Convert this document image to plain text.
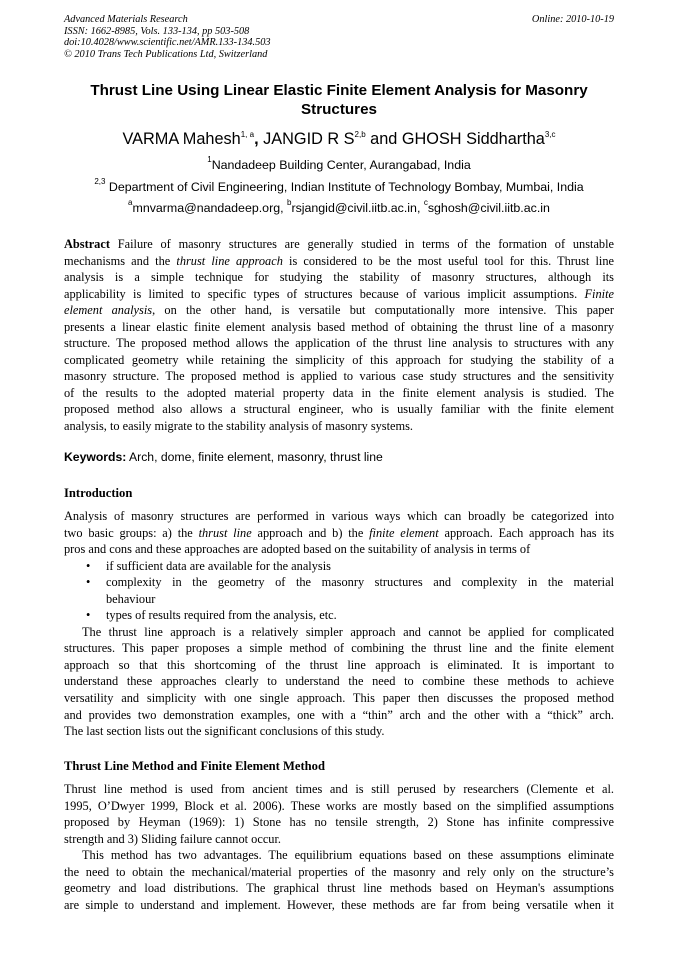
Advanced Materials Research
ISSN: 1662-8985, Vols. 133-134, pp 503-508
doi:10.4028/www.scientific.net/AMR.133-134.503
© 2010 Trans Tech Publications Ltd, Switzerland
Online: 2010-10-19
Thrust Line Using Linear Elastic Finite Element Analysis for Masonry Structures
VARMA Mahesh$^{1, a}$, JANGID R S$^{2,b}$ and GHOSH Siddhartha$^{3,c}$
$^1$Nandadeep Building Center, Aurangabad, India
$^{2,3}$ Department of Civil Engineering, Indian Institute of Technology Bombay, Mumbai, India
$^a$mnvarma@nandadeep.org, $^b$rsjangid@civil.iitb.ac.in, $^c$sghosh@civil.iitb.ac.in
Abstract Failure of masonry structures are generally studied in terms of the formation of unstable
mechanisms and the thrust line approach is considered to be the most useful tool for this. Thrust line
analysis is a simple technique for studying the stability of masonry structures, although its
applicability is limited to specific types of structures because of various implicit assumptions. Finite
element analysis, on the other hand, is versatile but computationally more intensive. This paper
presents a linear elastic finite element analysis based method of obtaining the thrust line of a masonry
structure. The proposed method allows the application of the thrust line analysis to structures with any
complicated geometry while retaining the simplicity of this approach for studying the stability of a
masonry structure. The proposed method is applied to various case study structures and the sensitivity
of the results to the adopted material property data in the finite element analysis is studied. The
proposed method also allows a structural engineer, who is usually familiar with the finite element
analysis, to easily migrate to the stability analysis of masonry systems.
Keywords: Arch, dome, finite element, masonry, thrust line
Introduction
Analysis of masonry structures are performed in various ways which can broadly be categorized into
two basic groups: a) the thrust line approach and b) the finite element approach. Each approach has its
pros and cons and these approaches are adopted based on the suitability of analysis in terms of
• if sufficient data are available for the analysis
• complexity in the geometry of the masonry structures and complexity in the material
behaviour
• types of results required from the analysis, etc.
The thrust line approach is a relatively simpler approach and cannot be applied for complicated
structures. This paper proposes a simple method of combining the thrust line and the finite element
approach so that this shortcoming of the thrust line approach is eliminated. It is important to
understand these approaches clearly to understand the need to combine these methods to achieve
versatility and simplicity with one single approach. This paper then discusses the proposed method
and provides two demonstration examples, one with a “thin” arch and the other with a “thick” arch.
The last section lists out the significant conclusions of this study.
Thrust Line Method and Finite Element Method
Thrust line method is used from ancient times and is still perused by researchers (Clemente et al.
1995, O’Dwyer 1999, Block et al. 2006). These works are mostly based on the simplified assumptions
proposed by Heyman (1969): 1) Stone has no tensile strength, 2) Stone has infinite compressive
strength and 3) Sliding failure cannot occur.
This method has two advantages. The equilibrium equations based on these assumptions eliminate
the need to obtain the mechanical/material properties of the masonry and rely only on the structure’s
geometry and load distributions. The graphical thrust line methods based on Heyman's assumptions
are simple to understand and implement. However, these methods are far from being versatile when it
